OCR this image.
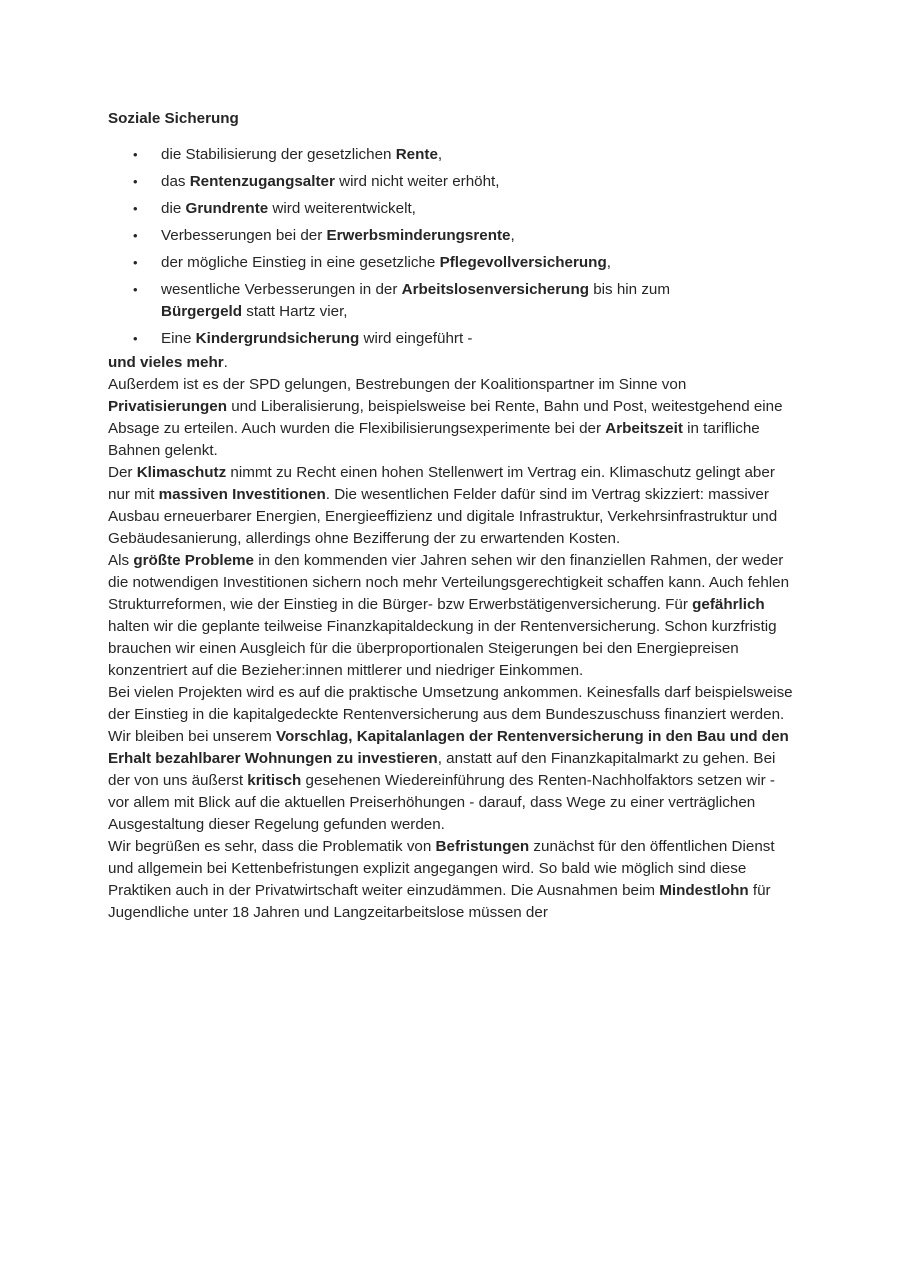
Soziale Sicherung
• die Stabilisierung der gesetzlichen Rente,
• das Rentenzugangsalter wird nicht weiter erhöht,
• die Grundrente wird weiterentwickelt,
• Verbesserungen bei der Erwerbsminderungsrente,
• der mögliche Einstieg in eine gesetzliche Pflegevollversicherung,
• wesentliche Verbesserungen in der Arbeitslosenversicherung bis hin zum
Bürgergeld statt Hartz vier,
• Eine Kindergrundsicherung wird eingeführt -
und vieles mehr.

Außerdem ist es der SPD gelungen, Bestrebungen der Koalitionspartner im Sinne von Privatisierungen und Liberalisierung, beispielsweise bei Rente, Bahn und Post, weitestgehend eine Absage zu erteilen. Auch wurden die Flexibilisierungsexperimente bei der Arbeitszeit in tarifliche Bahnen gelenkt.

Der Klimaschutz nimmt zu Recht einen hohen Stellenwert im Vertrag ein. Klimaschutz gelingt aber nur mit massiven Investitionen. Die wesentlichen Felder dafür sind im Vertrag skizziert: massiver Ausbau erneuerbarer Energien, Energieeffizienz und digitale Infrastruktur, Verkehrsinfrastruktur und Gebäudesanierung, allerdings ohne Bezifferung der zu erwartenden Kosten.

Als größte Probleme in den kommenden vier Jahren sehen wir den finanziellen Rahmen, der weder die notwendigen Investitionen sichern noch mehr Verteilungsgerechtigkeit schaffen kann. Auch fehlen Strukturreformen, wie der Einstieg in die Bürger- bzw Erwerbstätigenversicherung. Für gefährlich halten wir die geplante teilweise Finanzkapitaldeckung in der Rentenversicherung. Schon kurzfristig brauchen wir einen Ausgleich für die überproportionalen Steigerungen bei den Energiepreisen konzentriert auf die Bezieher:innen mittlerer und niedriger Einkommen.

Bei vielen Projekten wird es auf die praktische Umsetzung ankommen. Keinesfalls darf beispielsweise der Einstieg in die kapitalgedeckte Rentenversicherung aus dem Bundeszuschuss finanziert werden. Wir bleiben bei unserem Vorschlag, Kapitalanlagen der Rentenversicherung in den Bau und den Erhalt bezahlbarer Wohnungen zu investieren, anstatt auf den Finanzkapitalmarkt zu gehen. Bei der von uns äußerst kritisch gesehenen Wiedereinführung des Renten-Nachholfaktors setzen wir - vor allem mit Blick auf die aktuellen Preiserhöhungen - darauf, dass Wege zu einer verträglichen Ausgestaltung dieser Regelung gefunden werden.

Wir begrüßen es sehr, dass die Problematik von Befristungen zunächst für den öffentlichen Dienst und allgemein bei Kettenbefristungen explizit angegangen wird. So bald wie möglich sind diese Praktiken auch in der Privatwirtschaft weiter einzudämmen. Die Ausnahmen beim Mindestlohn für Jugendliche unter 18 Jahren und Langzeitarbeitslose müssen der
